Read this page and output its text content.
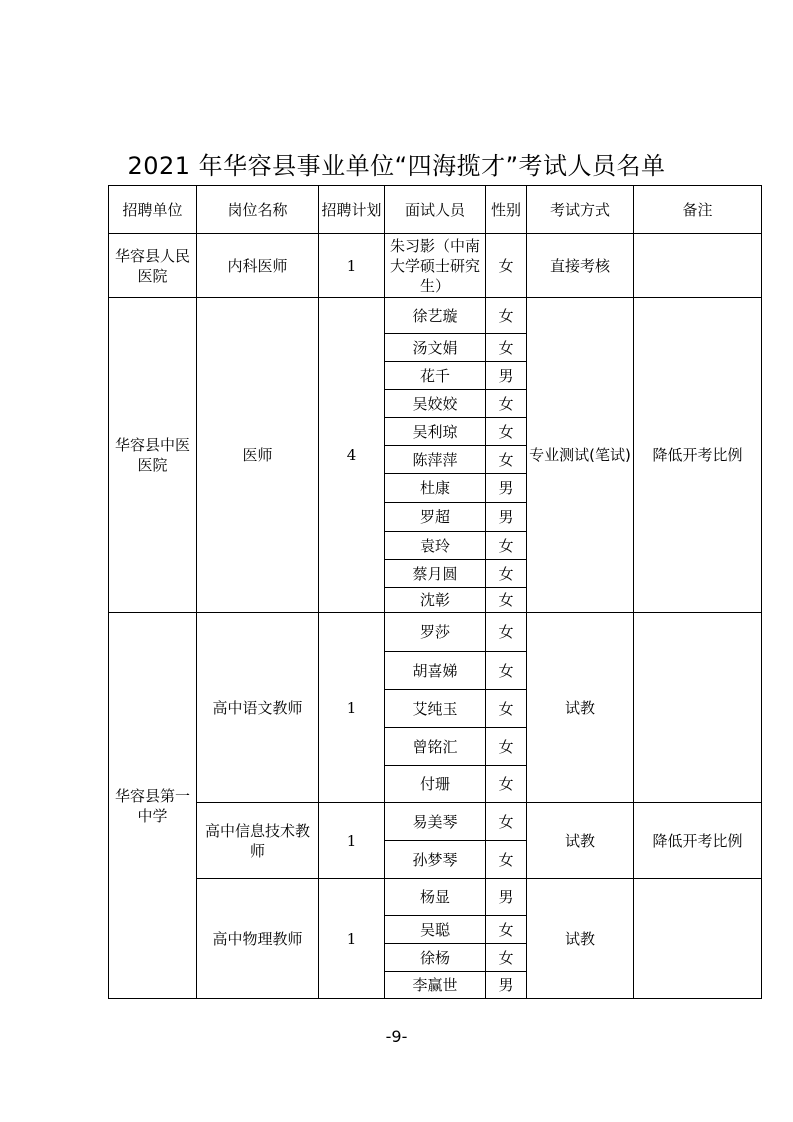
2021 年华容县事业单位“四海揽才”考试人员名单
招聘单位	岗位名称	招聘计划	面试人员	性别	考试方式	备注
华容县人民医院	内科医师	1	朱习影（中南大学硕士研究生）	女	直接考核	
华容县中医医院	医师	4	徐艺璇	女	专业测试(笔试)	降低开考比例
			汤文娟	女		
			花千	男		
			吴姣姣	女		
			吴利琼	女		
			陈萍萍	女		
			杜康	男		
			罗超	男		
			袁玲	女		
			蔡月圆	女		
			沈彰	女		
华容县第一中学	高中语文教师	1	罗莎	女	试教	
			胡喜娣	女		
			艾纯玉	女		
			曾铭汇	女		
			付珊	女		
	高中信息技术教师	1	易美琴	女	试教	降低开考比例
			孙梦琴	女		
	高中物理教师	1	杨显	男	试教	
			吴聪	女		
			徐杨	女		
			李赢世	男		
-9-
